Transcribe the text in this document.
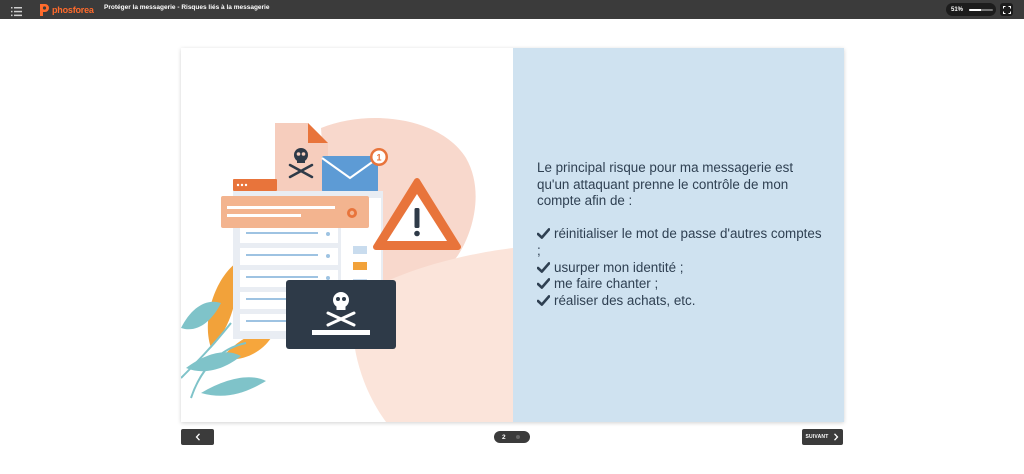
phosforea Protéger la messagerie - Risques liés à la messagerie	51%
1
Le principal risque pour ma messagerie est qu'un attaquant prenne le contrôle de mon compte afin de :
réinitialiser le mot de passe d'autres comptes ;
usurper mon identité ;
me faire chanter ;
réaliser des achats, etc.
2	SUIVANT
